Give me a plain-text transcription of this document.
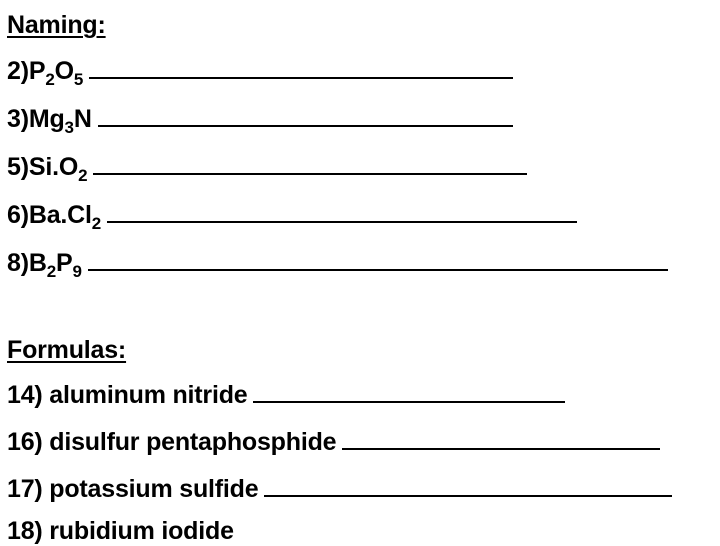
Naming:
$2)P_2O_5$
$3)Mg_3N$
$5)Si.O_2$
$6)Ba.Cl_2$
$8)B_2P_9$
Formulas:
14) aluminum nitride
16) disulfur pentaphosphide
17) potassium sulfide
18) rubidium iodide
